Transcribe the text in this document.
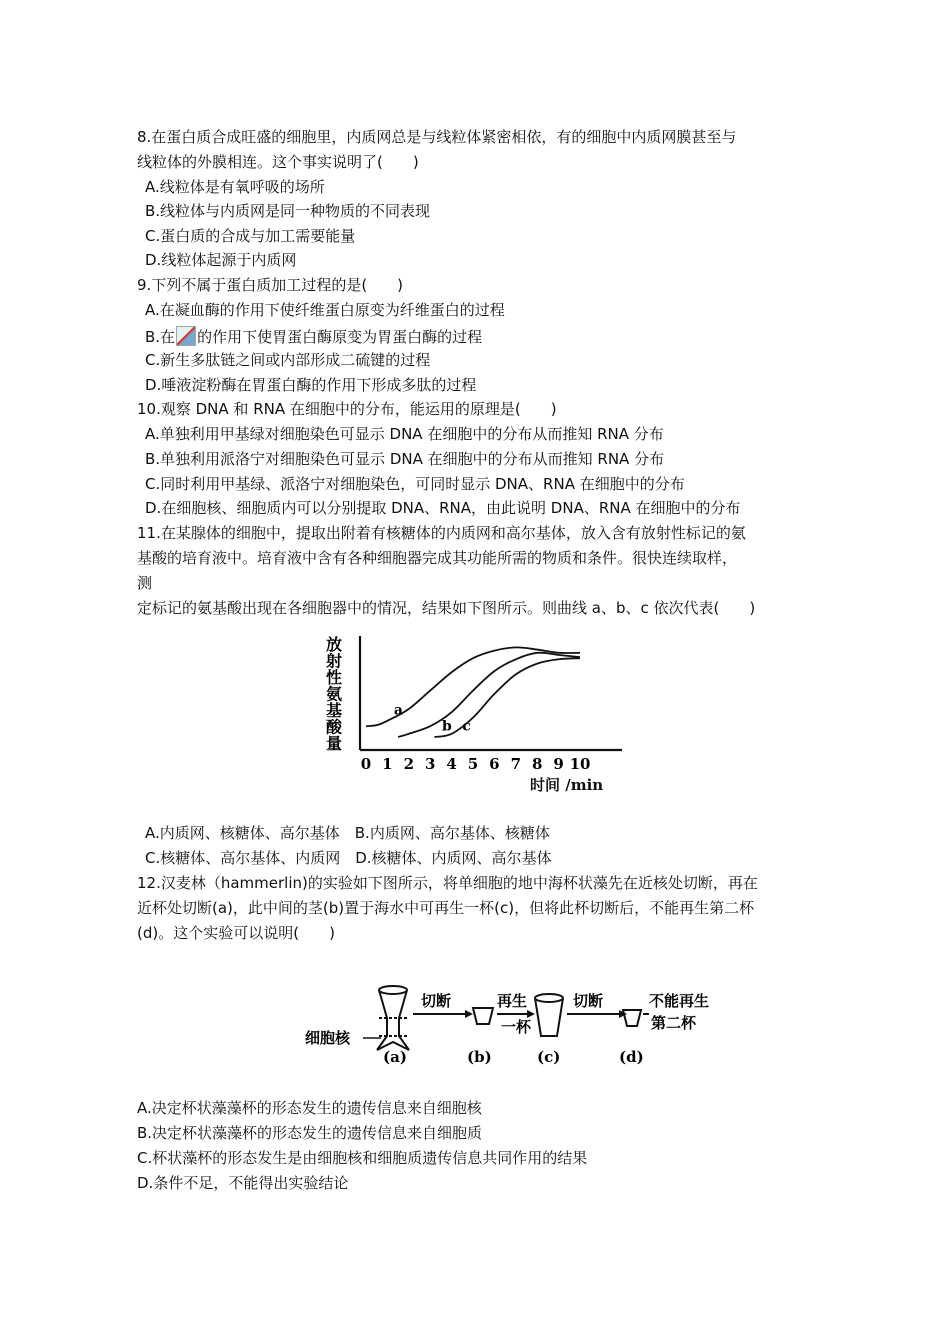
8.在蛋白质合成旺盛的细胞里，内质网总是与线粒体紧密相依，有的细胞中内质网膜甚至与
线粒体的外膜相连。这个事实说明了(　　)
A.线粒体是有氧呼吸的场所
B.线粒体与内质网是同一种物质的不同表现
C.蛋白质的合成与加工需要能量
D.线粒体起源于内质网
9.下列不属于蛋白质加工过程的是(　　)
A.在凝血酶的作用下使纤维蛋白原变为纤维蛋白的过程
B.在 的作用下使胃蛋白酶原变为胃蛋白酶的过程
C.新生多肽链之间或内部形成二硫键的过程
D.唾液淀粉酶在胃蛋白酶的作用下形成多肽的过程
10.观察 DNA 和 RNA 在细胞中的分布，能运用的原理是(　　)
A.单独利用甲基绿对细胞染色可显示 DNA 在细胞中的分布从而推知 RNA 分布
B.单独利用派洛宁对细胞染色可显示 DNA 在细胞中的分布从而推知 RNA 分布
C.同时利用甲基绿、派洛宁对细胞染色，可同时显示 DNA、RNA 在细胞中的分布
D.在细胞核、细胞质内可以分别提取 DNA、RNA，由此说明 DNA、RNA 在细胞中的分布
11.在某腺体的细胞中，提取出附着有核糖体的内质网和高尔基体，放入含有放射性标记的氨
基酸的培育液中。培育液中含有各种细胞器完成其功能所需的物质和条件。很快连续取样，
测
定标记的氨基酸出现在各细胞器中的情况，结果如下图所示。则曲线 a、b、c 依次代表(　　)
放
射
性
氨
基
酸
量
a
b c
0 1 2 3 4 5 6 7 8 9 10
时间 /min
A.内质网、核糖体、高尔基体　B.内质网、高尔基体、核糖体
C.核糖体、高尔基体、内质网　D.核糖体、内质网、高尔基体
12.汉麦林（hammerlin)的实验如下图所示，将单细胞的地中海杯状藻先在近核处切断，再在
近杯处切断(a)，此中间的茎(b)置于海水中可再生一杯(c)，但将此杯切断后，不能再生第二杯
(d)。这个实验可以说明(　　)
细胞核
切断	再生
一杯
切断	不能再生
第二杯
(a)	(b)	(c)	(d)
A.决定杯状藻藻杯的形态发生的遗传信息来自细胞核
B.决定杯状藻藻杯的形态发生的遗传信息来自细胞质
C.杯状藻杯的形态发生是由细胞核和细胞质遗传信息共同作用的结果
D.条件不足，不能得出实验结论
